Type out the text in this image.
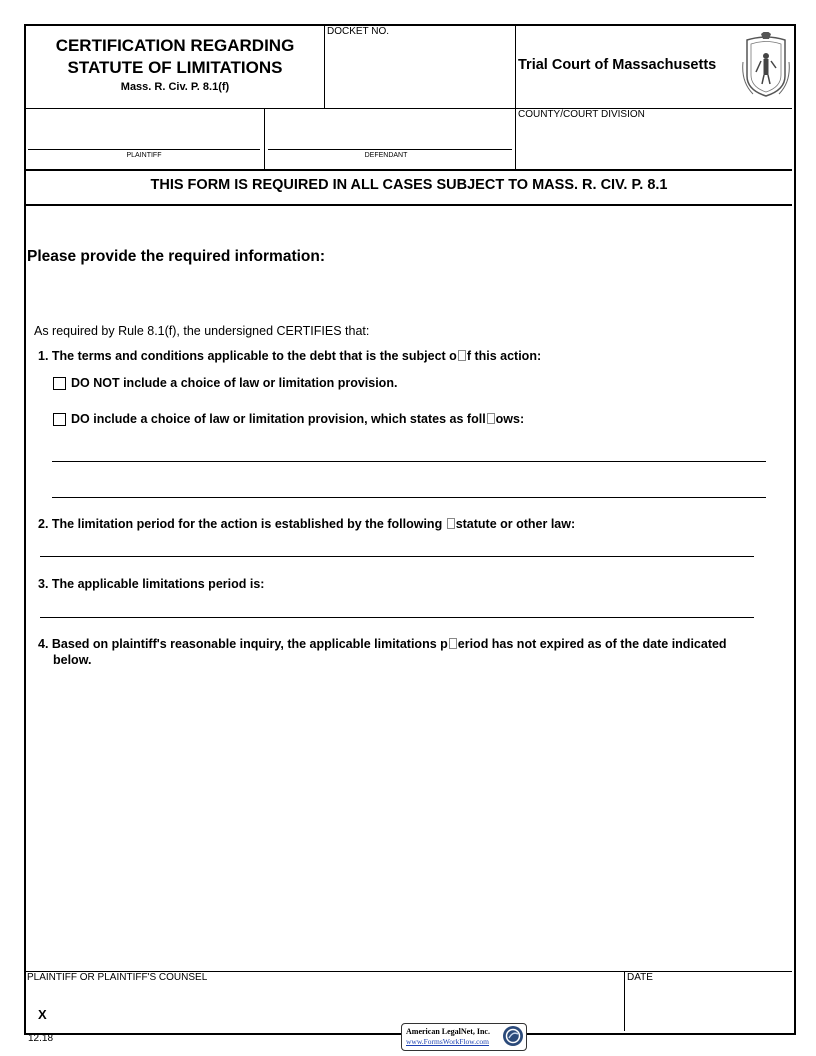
CERTIFICATION REGARDING
STATUTE OF LIMITATIONS
Mass. R. Civ. P. 8.1(f)
DOCKET NO.
Trial Court of Massachusetts
PLAINTIFF	DEFENDANT
COUNTY/COURT DIVISION
THIS FORM IS REQUIRED IN ALL CASES SUBJECT TO MASS. R. CIV. P. 8.1
Please provide the required information:
As required by Rule 8.1(f), the undersigned CERTIFIES that:
1. The terms and conditions applicable to the debt that is the subject o f this action:
DO NOT include a choice of law or limitation provision.
DO include a choice of law or limitation provision, which states as foll ows:
2. The limitation period for the action is established by the following statute or other law:
3. The applicable limitations period is:
4. Based on plaintiff's reasonable inquiry, the applicable limitations p eriod has not expired as of the date indicated
below.
PLAINTIFF OR PLAINTIFF'S COUNSEL
X
DATE
12.18
American LegalNet, Inc.
www.FormsWorkFlow.com
